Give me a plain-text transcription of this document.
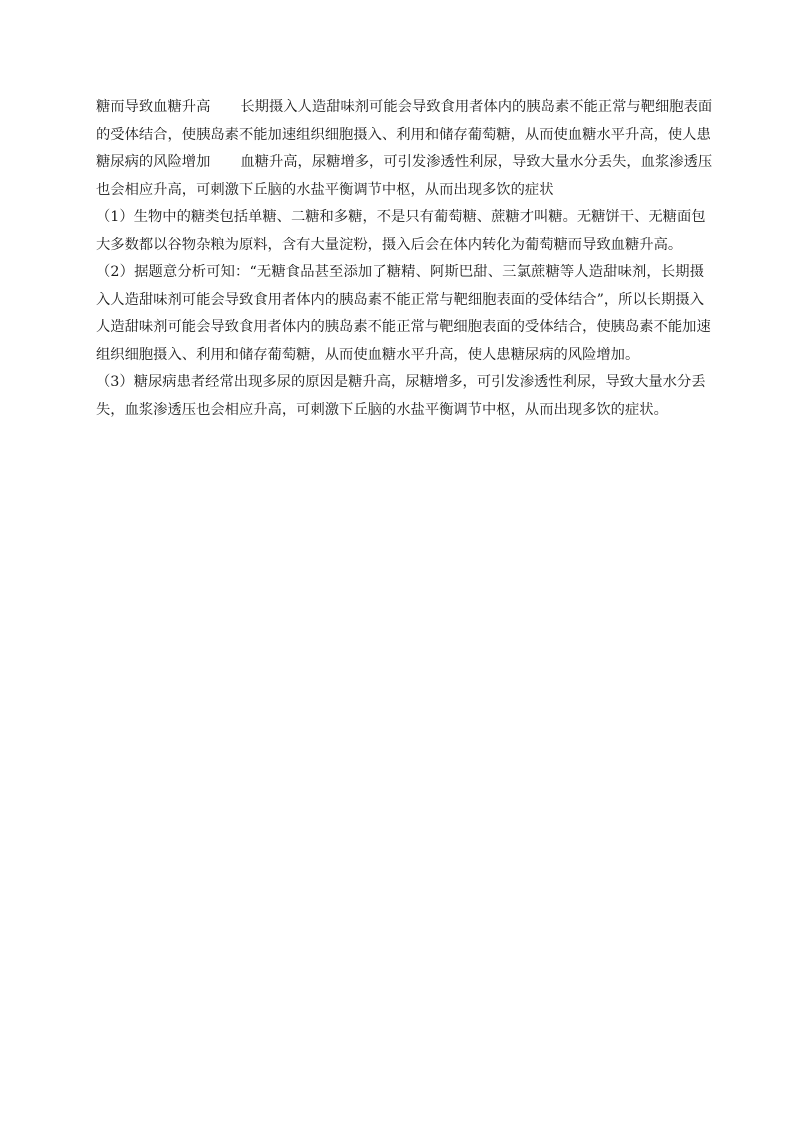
糖而导致血糖升高 长期摄入人造甜味剂可能会导致食用者体内的胰岛素不能正常与靶细胞表面
的受体结合，使胰岛素不能加速组织细胞摄入、利用和储存葡萄糖，从而使血糖水平升高，使人患
糖尿病的风险增加 血糖升高，尿糖增多，可引发渗透性利尿，导致大量水分丢失，血浆渗透压
也会相应升高，可刺激下丘脑的水盐平衡调节中枢，从而出现多饮的症状
（1）生物中的糖类包括单糖、二糖和多糖，不是只有葡萄糖、蔗糖才叫糖。无糖饼干、无糖面包
大多数都以谷物杂粮为原料，含有大量淀粉，摄入后会在体内转化为葡萄糖而导致血糖升高。
（2）据题意分析可知：“无糖食品甚至添加了糖精、阿斯巴甜、三氯蔗糖等人造甜味剂，长期摄
入人造甜味剂可能会导致食用者体内的胰岛素不能正常与靶细胞表面的受体结合”，所以长期摄入
人造甜味剂可能会导致食用者体内的胰岛素不能正常与靶细胞表面的受体结合，使胰岛素不能加速
组织细胞摄入、利用和储存葡萄糖，从而使血糖水平升高，使人患糖尿病的风险增加。
（3）糖尿病患者经常出现多尿的原因是糖升高，尿糖增多，可引发渗透性利尿，导致大量水分丢
失，血浆渗透压也会相应升高，可刺激下丘脑的水盐平衡调节中枢，从而出现多饮的症状。
